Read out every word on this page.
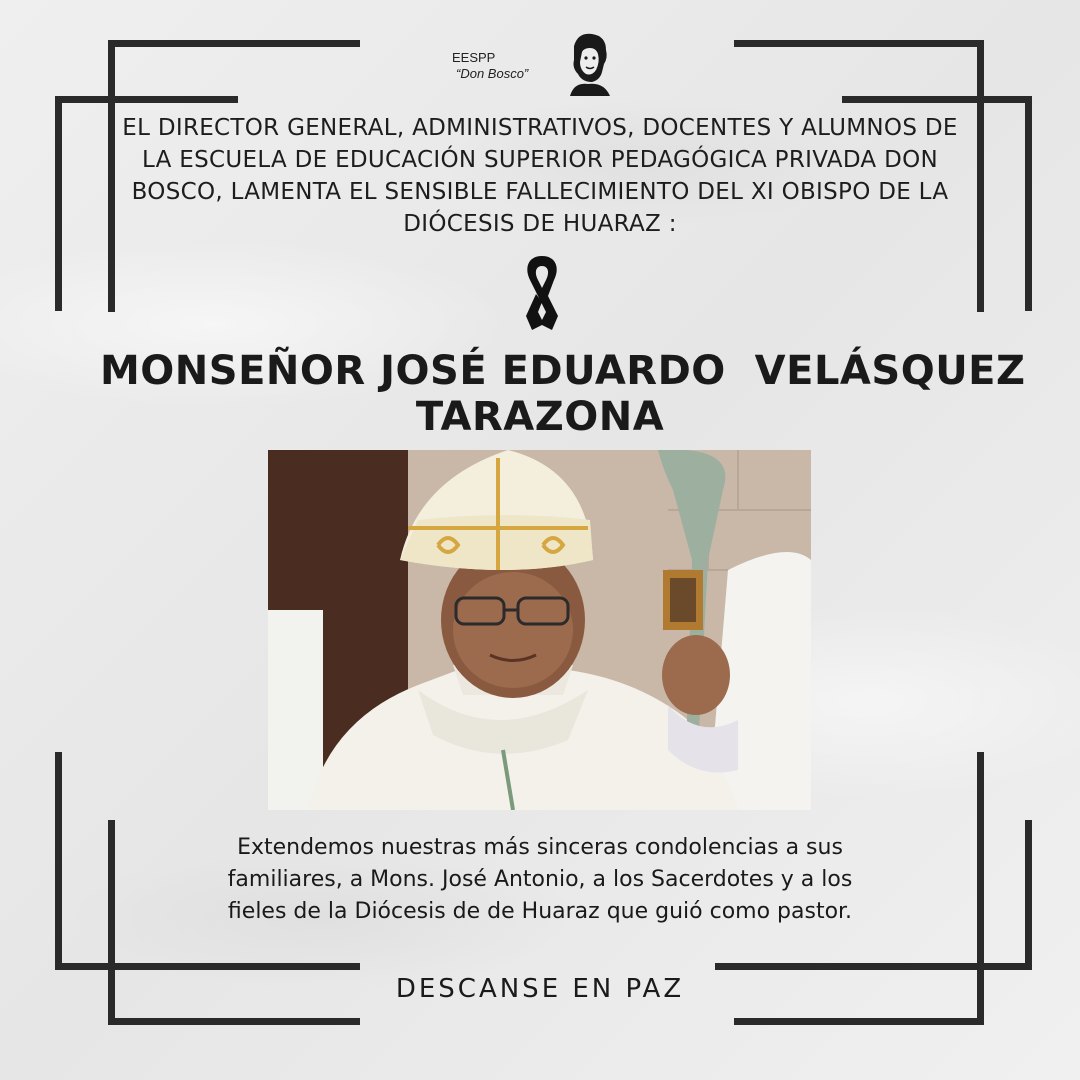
EESPP
“Don Bosco”

EL DIRECTOR GENERAL, ADMINISTRATIVOS, DOCENTES Y ALUMNOS DE LA ESCUELA DE EDUCACIÓN SUPERIOR PEDAGÓGICA PRIVADA DON BOSCO, LAMENTA EL SENSIBLE FALLECIMIENTO DEL XI OBISPO DE LA DIÓCESIS DE HUARAZ :

MONSEÑOR JOSÉ EDUARDO  VELÁSQUEZ
TARAZONA

Extendemos nuestras más sinceras condolencias a sus
familiares, a Mons. José Antonio, a los Sacerdotes y a los
fieles de la Diócesis de de Huaraz que guió como pastor.

DESCANSE EN PAZ
